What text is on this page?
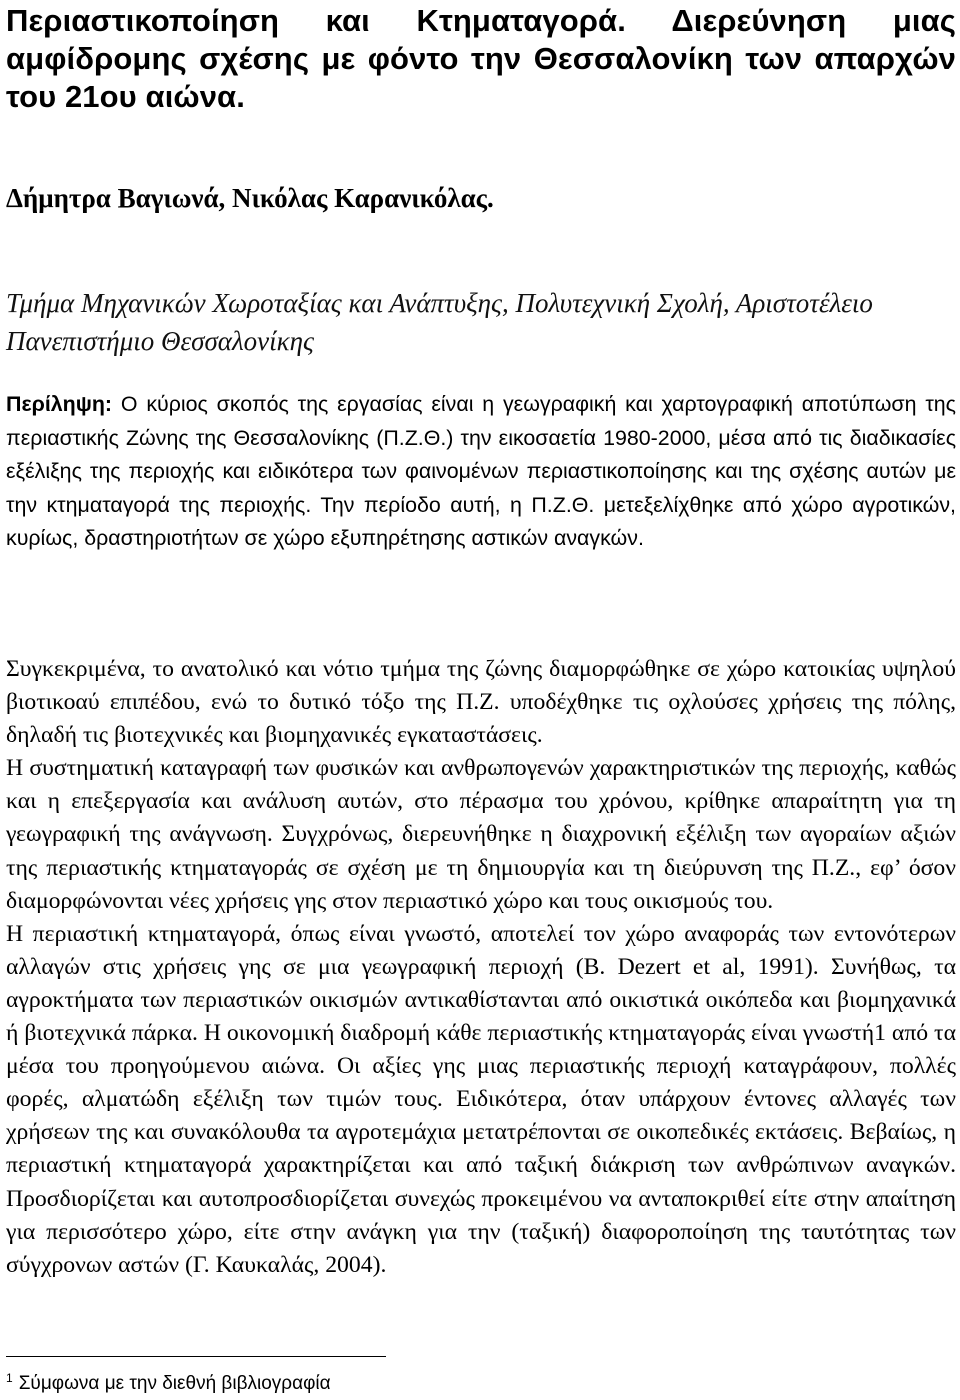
Περιαστικοποίηση και Κτηματαγορά. Διερεύνηση μιας αμφίδρομης σχέσης με φόντο την Θεσσαλονίκη των απαρχών του 21ου αιώνα.
Δήμητρα Βαγιωνά, Νικόλας Καρανικόλας.
Τμήμα Μηχανικών Χωροταξίας και Ανάπτυξης, Πολυτεχνική Σχολή, Αριστοτέλειο Πανεπιστήμιο Θεσσαλονίκης
Περίληψη: Ο κύριος σκοπός της εργασίας είναι η γεωγραφική και χαρτογραφική αποτύπωση της περιαστικής Ζώνης της Θεσσαλονίκης (Π.Ζ.Θ.) την εικοσαετία 1980-2000, μέσα από τις διαδικασίες εξέλιξης της περιοχής και ειδικότερα των φαινομένων περιαστικοποίησης και της σχέσης αυτών με την κτηματαγορά της περιοχής. Την περίοδο αυτή, η Π.Ζ.Θ. μετεξελίχθηκε από χώρο αγροτικών, κυρίως, δραστηριοτήτων σε χώρο εξυπηρέτησης αστικών αναγκών.

Συγκεκριμένα, το ανατολικό και νότιο τμήμα της ζώνης διαμορφώθηκε σε χώρο κατοικίας υψηλού βιοτικοαύ επιπέδου, ενώ το δυτικό τόξο της Π.Ζ. υποδέχθηκε τις οχλούσες χρήσεις της πόλης, δηλαδή τις βιοτεχνικές και βιομηχανικές εγκαταστάσεις.

Η συστηματική καταγραφή των φυσικών και ανθρωπογενών χαρακτηριστικών της περιοχής, καθώς και η επεξεργασία και ανάλυση αυτών, στο πέρασμα του χρόνου, κρίθηκε απαραίτητη για τη γεωγραφική της ανάγνωση. Συγχρόνως, διερευνήθηκε η διαχρονική εξέλιξη των αγοραίων αξιών της περιαστικής κτηματαγοράς σε σχέση με τη δημιουργία και τη διεύρυνση της Π.Ζ., εφ’ όσον διαμορφώνονται νέες χρήσεις γης στον περιαστικό χώρο και τους οικισμούς του.

Η περιαστική κτηματαγορά, όπως είναι γνωστό, αποτελεί τον χώρο αναφοράς των εντονότερων αλλαγών στις χρήσεις γης σε μια γεωγραφική περιοχή (B. Dezert et al, 1991). Συνήθως, τα αγροκτήματα των περιαστικών οικισμών αντικαθίστανται από οικιστικά οικόπεδα και βιομηχανικά ή βιοτεχνικά πάρκα. Η οικονομική διαδρομή κάθε περιαστικής κτηματαγοράς είναι γνωστή1 από τα μέσα του προηγούμενου αιώνα. Οι αξίες γης μιας περιαστικής περιοχή καταγράφουν, πολλές φορές, αλματώδη εξέλιξη των τιμών τους. Ειδικότερα, όταν υπάρχουν έντονες αλλαγές των χρήσεων της και συνακόλουθα τα αγροτεμάχια μετατρέπονται σε οικοπεδικές εκτάσεις. Βεβαίως, η περιαστική κτηματαγορά χαρακτηρίζεται και από ταξική διάκριση των ανθρώπινων αναγκών. Προσδιορίζεται και αυτοπροσδιορίζεται συνεχώς προκειμένου να ανταποκριθεί είτε στην απαίτηση για περισσότερο χώρο, είτε στην ανάγκη για την (ταξική) διαφοροποίηση της ταυτότητας των σύγχρονων αστών (Γ. Καυκαλάς, 2004).

$^1$ Σύμφωνα με την διεθνή βιβλιογραφία
